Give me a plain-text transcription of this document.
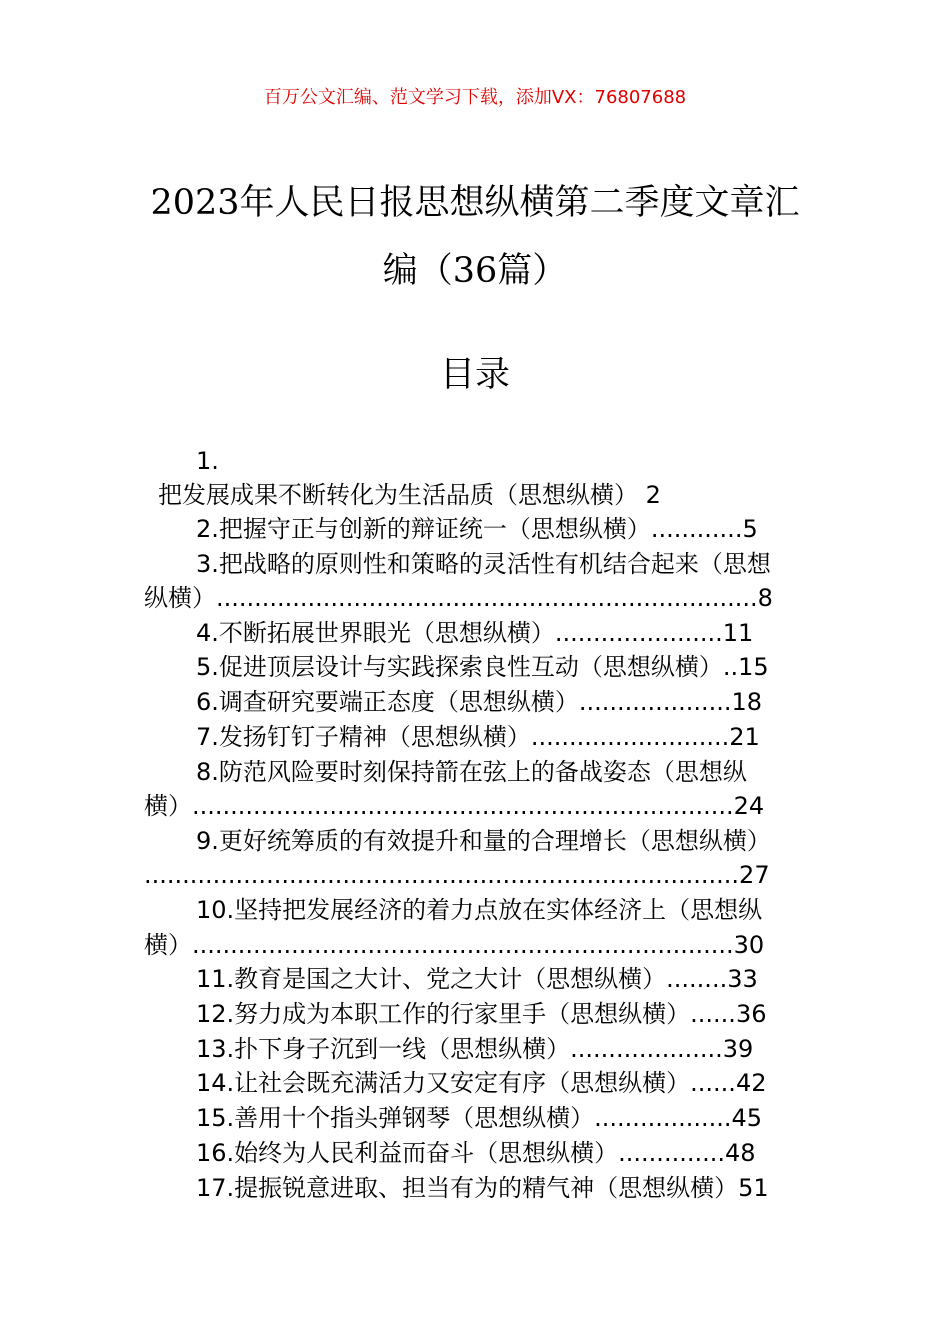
百万公文汇编、范文学习下载，添加VX：76807688
2023年人民日报思想纵横第二季度文章汇
编（36篇）
目录
1.
把发展成果不断转化为生活品质（思想纵横） 2
2.把握守正与创新的辩证统一（思想纵横）............5
3.把战略的原则性和策略的灵活性有机结合起来（思想
纵横）.......................................................................8
4.不断拓展世界眼光（思想纵横）......................11
5.促进顶层设计与实践探索良性互动（思想纵横）..15
6.调查研究要端正态度（思想纵横）....................18
7.发扬钉钉子精神（思想纵横）..........................21
8.防范风险要时刻保持箭在弦上的备战姿态（思想纵
横）.......................................................................24
9.更好统筹质的有效提升和量的合理增长（思想纵横）
..............................................................................27
10.坚持把发展经济的着力点放在实体经济上（思想纵
横）.......................................................................30
11.教育是国之大计、党之大计（思想纵横）........33
12.努力成为本职工作的行家里手（思想纵横）......36
13.扑下身子沉到一线（思想纵横）....................39
14.让社会既充满活力又安定有序（思想纵横）......42
15.善用十个指头弹钢琴（思想纵横）..................45
16.始终为人民利益而奋斗（思想纵横）..............48
17.提振锐意进取、担当有为的精气神（思想纵横）51
